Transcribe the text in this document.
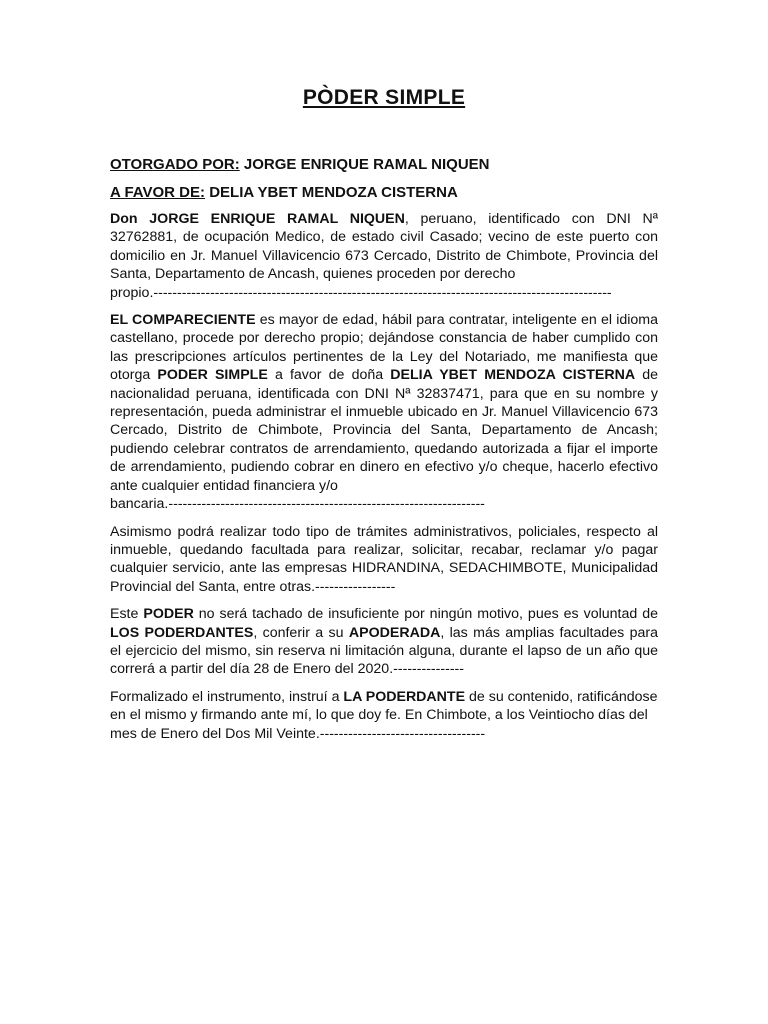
PÒDER SIMPLE
OTORGADO POR: JORGE ENRIQUE RAMAL NIQUEN
A FAVOR DE: DELIA YBET MENDOZA CISTERNA

Don JORGE ENRIQUE RAMAL NIQUEN, peruano, identificado con DNI Nª 32762881, de ocupación Medico, de estado civil Casado; vecino de este puerto con domicilio en Jr. Manuel Villavicencio 673 Cercado, Distrito de Chimbote, Provincia del Santa, Departamento de Ancash, quienes proceden por derecho
propio.-------------------------------------------------------------------------------------------------

EL COMPARECIENTE es mayor de edad, hábil para contratar, inteligente en el idioma castellano, procede por derecho propio; dejándose constancia de haber cumplido con las prescripciones artículos pertinentes de la Ley del Notariado, me manifiesta que otorga PODER SIMPLE a favor de doña DELIA YBET MENDOZA CISTERNA de nacionalidad peruana, identificada con DNI Nª 32837471, para que en su nombre y representación, pueda administrar el inmueble ubicado en Jr. Manuel Villavicencio 673 Cercado, Distrito de Chimbote, Provincia del Santa, Departamento de Ancash; pudiendo celebrar contratos de arrendamiento, quedando autorizada a fijar el importe de arrendamiento, pudiendo cobrar en dinero en efectivo y/o cheque, hacerlo efectivo ante cualquier entidad financiera y/o
bancaria.-------------------------------------------------------------------

Asimismo podrá realizar todo tipo de trámites administrativos, policiales, respecto al inmueble, quedando facultada para realizar, solicitar, recabar, reclamar y/o pagar cualquier servicio, ante las empresas HIDRANDINA, SEDACHIMBOTE, Municipalidad Provincial del Santa, entre otras.-----------------

Este PODER no será tachado de insuficiente por ningún motivo, pues es voluntad de LOS PODERDANTES, conferir a su APODERADA, las más amplias facultades para el ejercicio del mismo, sin reserva ni limitación alguna, durante el lapso de un año que correrá a partir del día 28 de Enero del 2020.---------------

Formalizado el instrumento, instruí a LA PODERDANTE de su contenido, ratificándose en el mismo y firmando ante mí, lo que doy fe. En Chimbote, a los Veintiocho días del mes de Enero del Dos Mil Veinte.-----------------------------------
